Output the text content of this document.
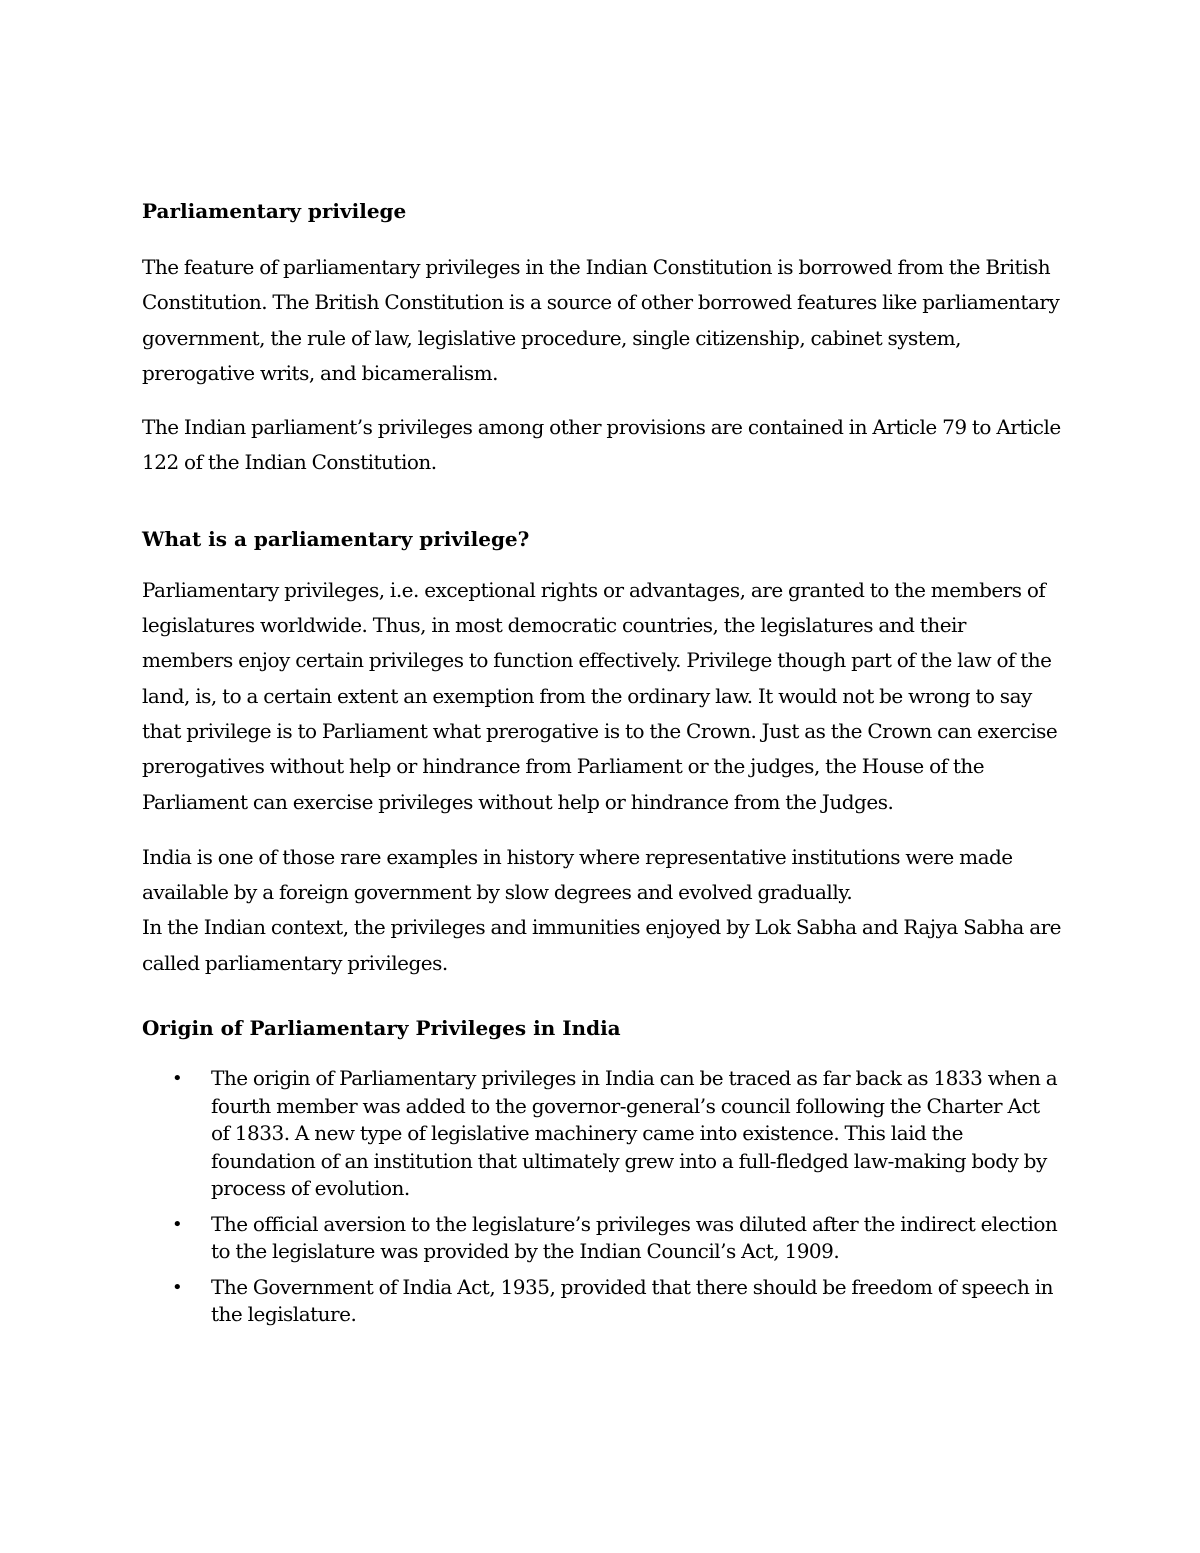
Parliamentary privilege

The feature of parliamentary privileges in the Indian Constitution is borrowed from the British Constitution. The British Constitution is a source of other borrowed features like parliamentary government, the rule of law, legislative procedure, single citizenship, cabinet system, prerogative writs, and bicameralism.

The Indian parliament’s privileges among other provisions are contained in Article 79 to Article 122 of the Indian Constitution.

What is a parliamentary privilege?

Parliamentary privileges, i.e. exceptional rights or advantages, are granted to the members of legislatures worldwide. Thus, in most democratic countries, the legislatures and their members enjoy certain privileges to function effectively. Privilege though part of the law of the land, is, to a certain extent an exemption from the ordinary law. It would not be wrong to say that privilege is to Parliament what prerogative is to the Crown. Just as the Crown can exercise prerogatives without help or hindrance from Parliament or the judges, the House of the Parliament can exercise privileges without help or hindrance from the Judges.

India is one of those rare examples in history where representative institutions were made available by a foreign government by slow degrees and evolved gradually.

In the Indian context, the privileges and immunities enjoyed by Lok Sabha and Rajya Sabha are called parliamentary privileges.

Origin of Parliamentary Privileges in India
• The origin of Parliamentary privileges in India can be traced as far back as 1833 when a fourth member was added to the governor-general’s council following the Charter Act of 1833. A new type of legislative machinery came into existence. This laid the foundation of an institution that ultimately grew into a full-fledged law-making body by process of evolution.
• The official aversion to the legislature’s privileges was diluted after the indirect election to the legislature was provided by the Indian Council’s Act, 1909.
• The Government of India Act, 1935, provided that there should be freedom of speech in the legislature.
